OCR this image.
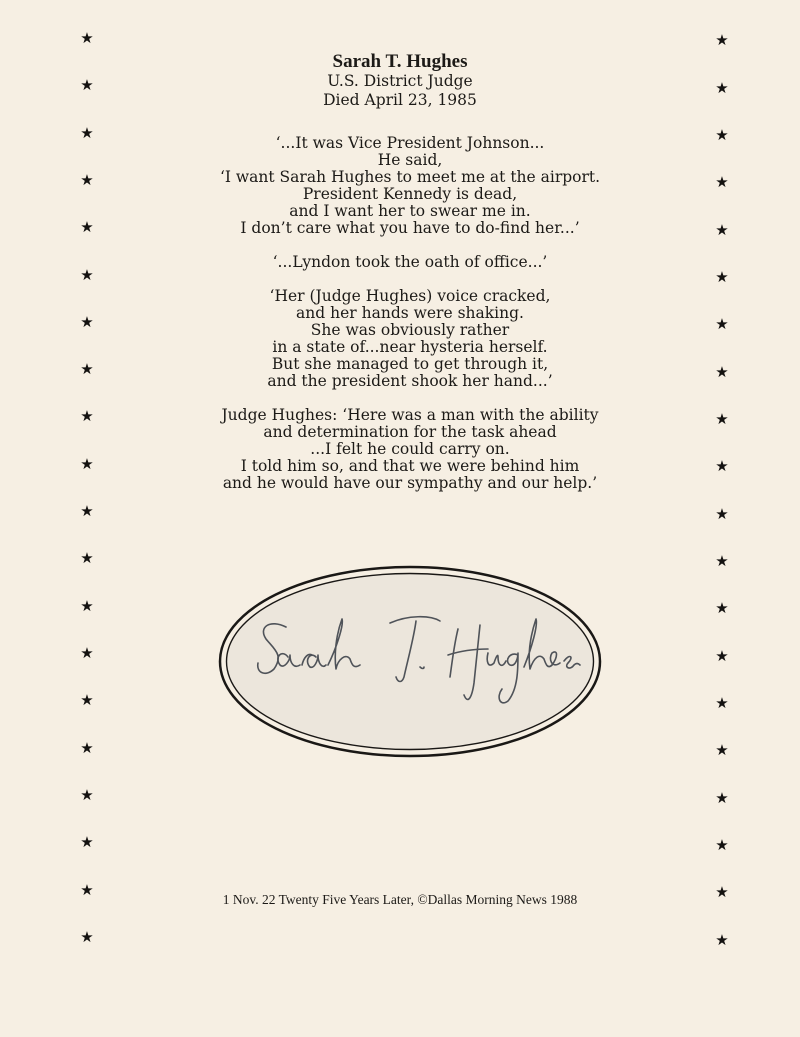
★
★
★
★
★
★
★
★
★
★
★
★
★
★
★
★
★
★
★
★
★
★
★
★
★
★
★
★
★
★
★
★
★
★
★
★
★
★
★
★
Sarah T. Hughes
U.S. District Judge
Died April 23, 1985
‘...It was Vice President Johnson...
He said,
‘I want Sarah Hughes to meet me at the airport.
President Kennedy is dead,
and I want her to swear me in.
I don’t care what you have to do-find her...’
‘...Lyndon took the oath of office...’
‘Her (Judge Hughes) voice cracked,
and her hands were shaking.
She was obviously rather
in a state of...near hysteria herself.
But she managed to get through it,
and the president shook her hand...’
Judge Hughes: ‘Here was a man with the ability
and determination for the task ahead
...I felt he could carry on.
I told him so, and that we were behind him
and he would have our sympathy and our help.’
1 Nov. 22 Twenty Five Years Later, ©Dallas Morning News 1988
